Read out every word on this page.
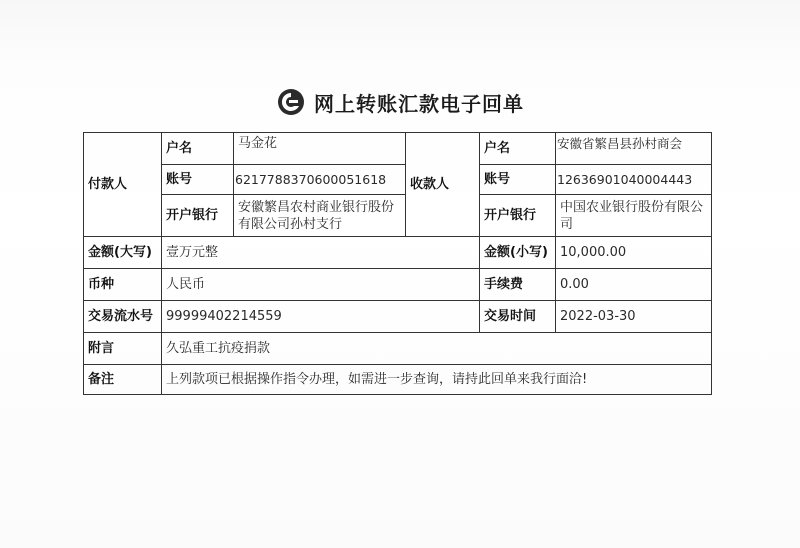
网上转账汇款电子回单
付款人	户名	马金花	收款人	户名	安徽省繁昌县孙村商会
	账号	6217788370600051618		账号	12636901040004443
	开户银行	安徽繁昌农村商业银行股份有限公司孙村支行		开户银行	中国农业银行股份有限公司
金额(大写)	壹万元整			金额(小写)	10,000.00
币种	人民币			手续费	0.00
交易流水号	99999402214559			交易时间	2022-03-30
附言	久弘重工抗疫捐款				
备注	上列款项已根据操作指令办理，如需进一步查询，请持此回单来我行面洽!				
